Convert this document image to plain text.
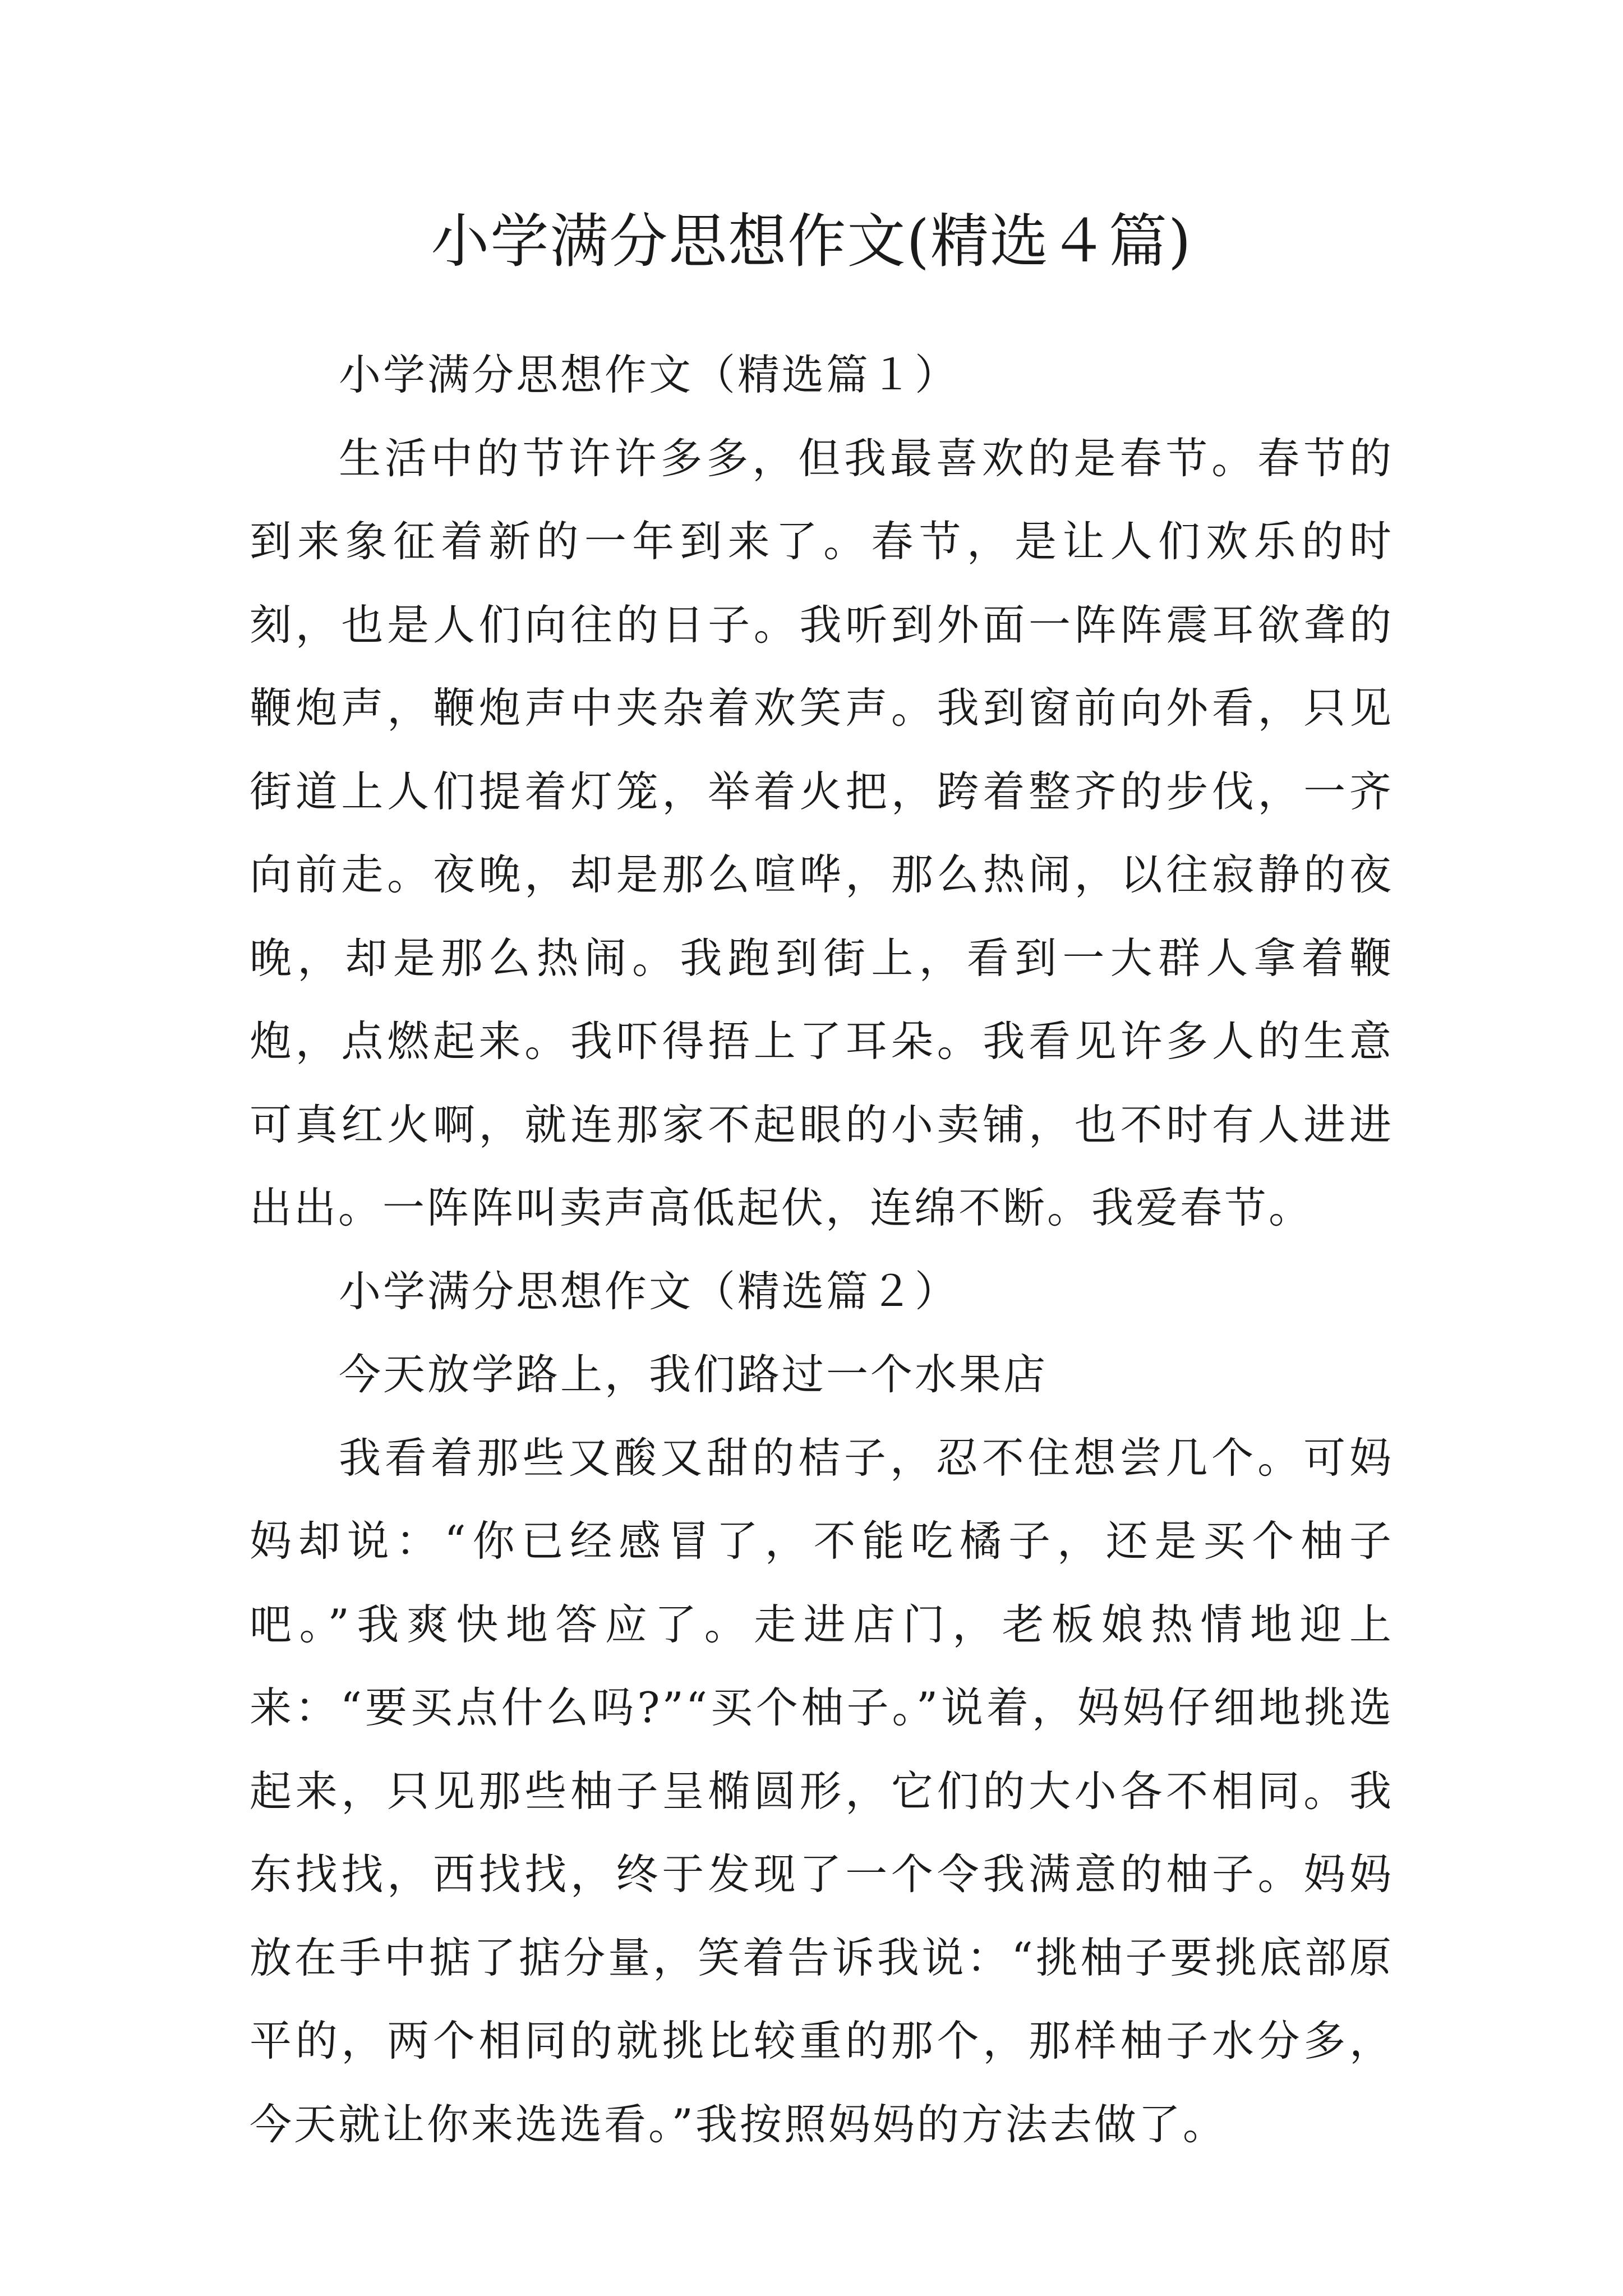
小学满分思想作文(精选４篇)

小学满分思想作文（精选篇１）

生活中的节许许多多，但我最喜欢的是春节。春节的到来象征着新的一年到来了。春节，是让人们欢乐的时刻，也是人们向往的日子。我听到外面一阵阵震耳欲聋的鞭炮声，鞭炮声中夹杂着欢笑声。我到窗前向外看，只见街道上人们提着灯笼，举着火把，跨着整齐的步伐，一齐向前走。夜晚，却是那么喧哗，那么热闹，以往寂静的夜晚，却是那么热闹。我跑到街上，看到一大群人拿着鞭炮，点燃起来。我吓得捂上了耳朵。我看见许多人的生意可真红火啊，就连那家不起眼的小卖铺，也不时有人进进出出。一阵阵叫卖声高低起伏，连绵不断。我爱春节。

小学满分思想作文（精选篇２）

今天放学路上，我们路过一个水果店

我看着那些又酸又甜的桔子，忍不住想尝几个。可妈妈却说：“你已经感冒了，不能吃橘子，还是买个柚子吧。”我爽快地答应了。走进店门，老板娘热情地迎上来：“要买点什么吗?”“买个柚子。”说着，妈妈仔细地挑选起来，只见那些柚子呈椭圆形，它们的大小各不相同。我东找找，西找找，终于发现了一个令我满意的柚子。妈妈放在手中掂了掂分量，笑着告诉我说：“挑柚子要挑底部原平的，两个相同的就挑比较重的那个，那样柚子水分多，今天就让你来选选看。”我按照妈妈的方法去做了。
